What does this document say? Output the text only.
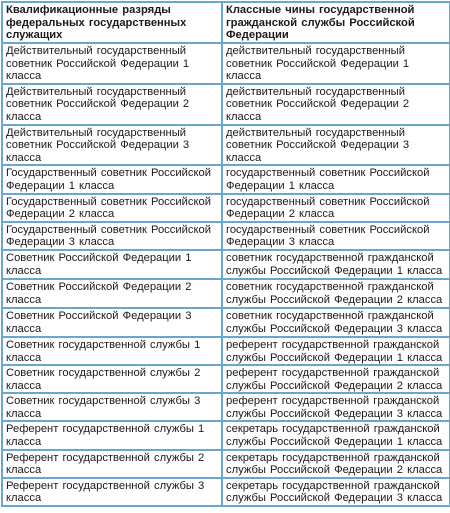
Квалификационные разряды федеральных государственных служащих	Классные чины государственной гражданской службы Российской Федерации
Действительный государственный советник Российской Федерации 1 класса	действительный государственный советник Российской Федерации 1 класса
Действительный государственный советник Российской Федерации 2 класса	действительный государственный советник Российской Федерации 2 класса
Действительный государственный советник Российской Федерации 3 класса	действительный государственный советник Российской Федерации 3 класса
Государственный советник Российской Федерации 1 класса	государственный советник Российской Федерации 1 класса
Государственный советник Российской Федерации 2 класса	государственный советник Российской Федерации 2 класса
Государственный советник Российской Федерации 3 класса	государственный советник Российской Федерации 3 класса
Советник Российской Федерации 1 класса	советник государственной гражданской службы Российской Федерации 1 класса
Советник Российской Федерации 2 класса	советник государственной гражданской службы Российской Федерации 2 класса
Советник Российской Федерации 3 класса	советник государственной гражданской службы Российской Федерации 3 класса
Советник государственной службы 1 класса	референт государственной гражданской службы Российской Федерации 1 класса
Советник государственной службы 2 класса	референт государственной гражданской службы Российской Федерации 2 класса
Советник государственной службы 3 класса	референт государственной гражданской службы Российской Федерации 3 класса
Референт государственной службы 1 класса	секретарь государственной гражданской службы Российской Федерации 1 класса
Референт государственной службы 2 класса	секретарь государственной гражданской службы Российской Федерации 2 класса
Референт государственной службы 3 класса	секретарь государственной гражданской службы Российской Федерации 3 класса
